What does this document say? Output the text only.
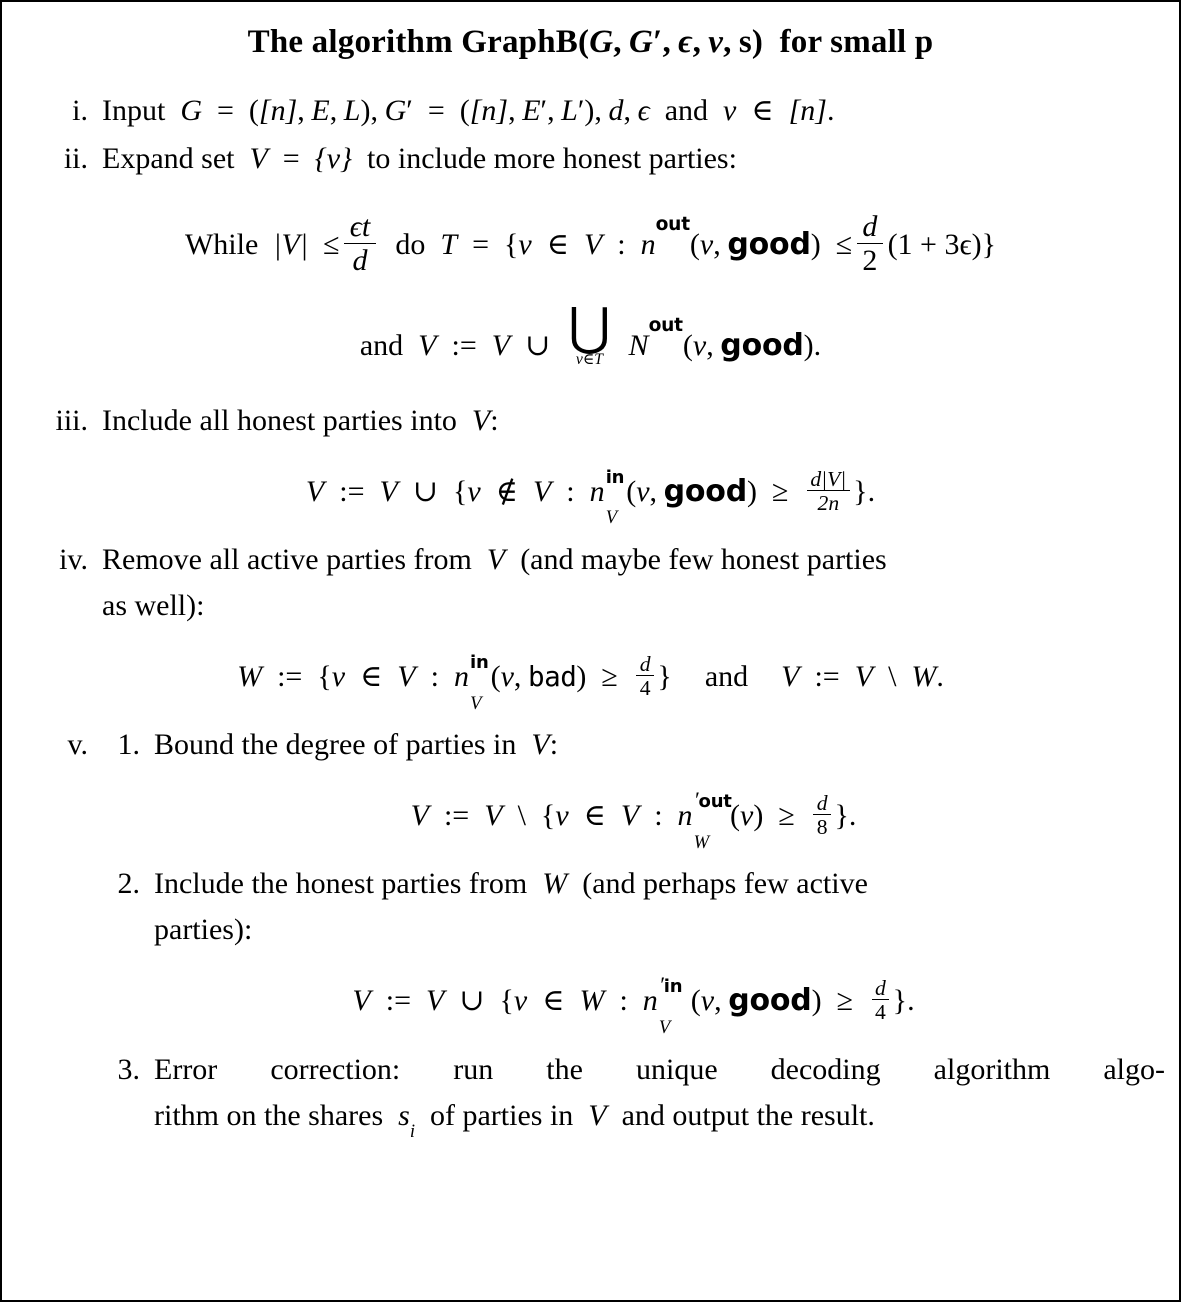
The algorithm GraphB(G, G′, ϵ, v, s) for small p
i. Input G = ([n], E, L), G′ = ([n], E′, L′), d, ϵ and v ∈ [n].
ii. Expand set V = {v} to include more honest parties:
While $|V| \le \frac{\epsilon t}{d}$ do T = {v ∈ V : $n^{out}(v$, good) ≤ $\frac{d}{2} (1 + 3\epsilon)$}
and V := V ∪ ⋃
v∈T $N^{out}(v$, good).
iii. Include all honest parties into V:
V := V ∪ {v ∉ V : n in
V
(v, good) ≥ $\frac{d|V|}{2n}$ }.
iv. Remove all active parties from V (and maybe few honest parties
as well):
W := {v ∈ V : n in
V
(v, $bad) \ge \frac{d}{4}$ } and V := V \ W.
v. 1. Bound the degree of parties in V:
V := V \ {v ∈ V : n ′out
W
$(v) \ge \frac{d}{8}$ }.
2. Include the honest parties from W (and perhaps few active
parties):
V := V ∪ {v ∈ W : n ′in
V
(v, good) ≥ $\frac{d}{4}$ }.
3. Error correction: run the unique decoding algorithm algo-
rithm on the shares $s_iof$ parties in V and output the result.
